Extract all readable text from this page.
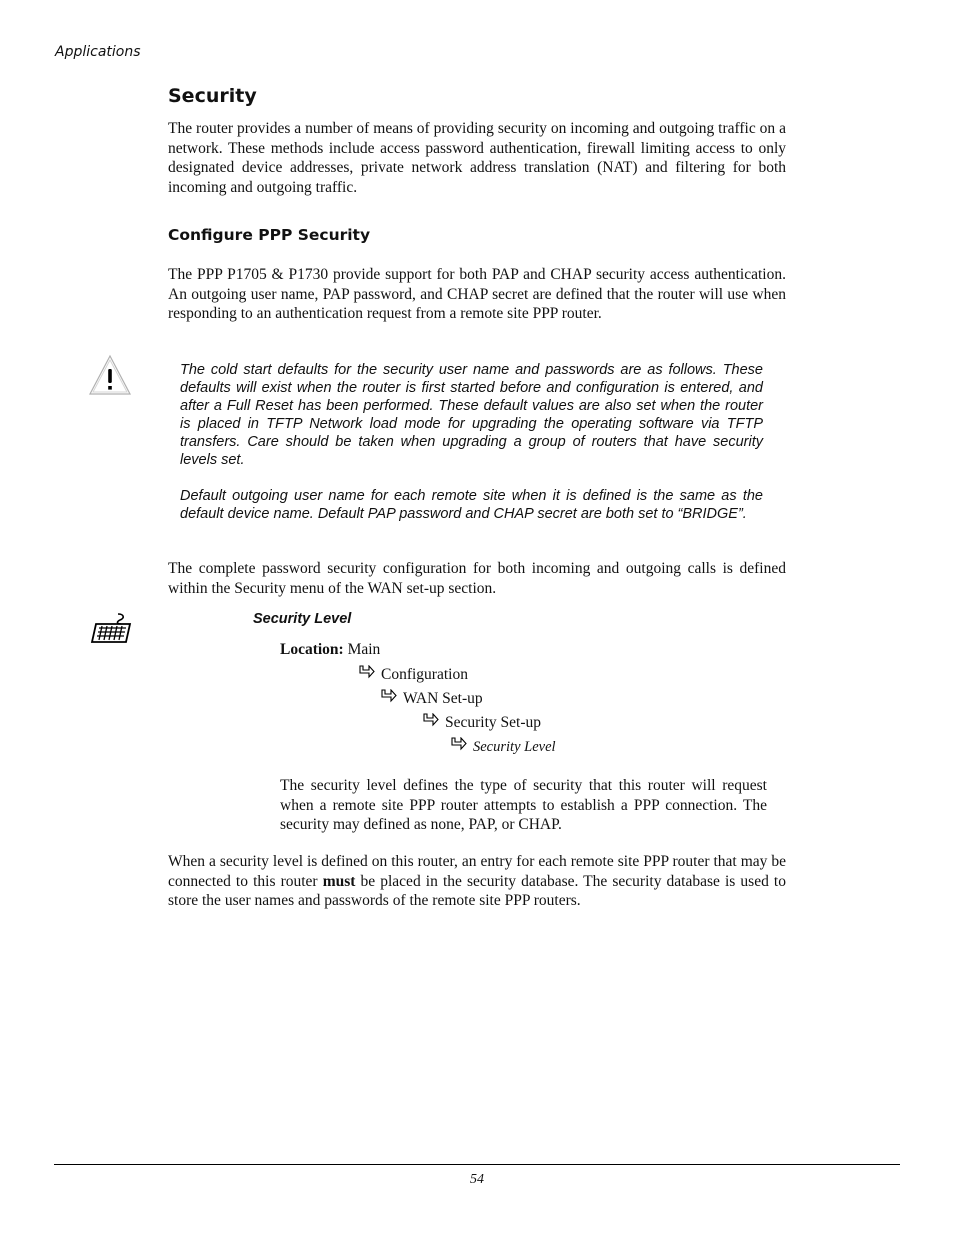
Applications
Security

The router provides a number of means of providing security on incoming and outgoing traffic on a network. These methods include access password authentication, firewall limiting access to only designated device addresses, private network address translation (NAT) and filtering for both incoming and outgoing traffic.

Configure PPP Security

The PPP P1705 & P1730 provide support for both PAP and CHAP security access authentication. An outgoing user name, PAP password, and CHAP secret are defined that the router will use when responding to an authentication request from a remote site PPP router.

The cold start defaults for the security user name and passwords are as follows. These defaults will exist when the router is first started before and configuration is entered, and after a Full Reset has been performed. These default values are also set when the router is placed in TFTP Network load mode for upgrading the operating software via TFTP transfers. Care should be taken when upgrading a group of routers that have security levels set.

Default outgoing user name for each remote site when it is defined is the same as the default device name. Default PAP password and CHAP secret are both set to “BRIDGE”.

The complete password security configuration for both incoming and outgoing calls is defined within the Security menu of the WAN set-up section.

Security Level
Location: Main
Configuration
WAN Set-up
Security Set-up
Security Level

The security level defines the type of security that this router will request when a remote site PPP router attempts to establish a PPP connection. The security may defined as none, PAP, or CHAP.

When a security level is defined on this router, an entry for each remote site PPP router that may be connected to this router must be placed in the security database. The security database is used to store the user names and passwords of the remote site PPP routers.

54
